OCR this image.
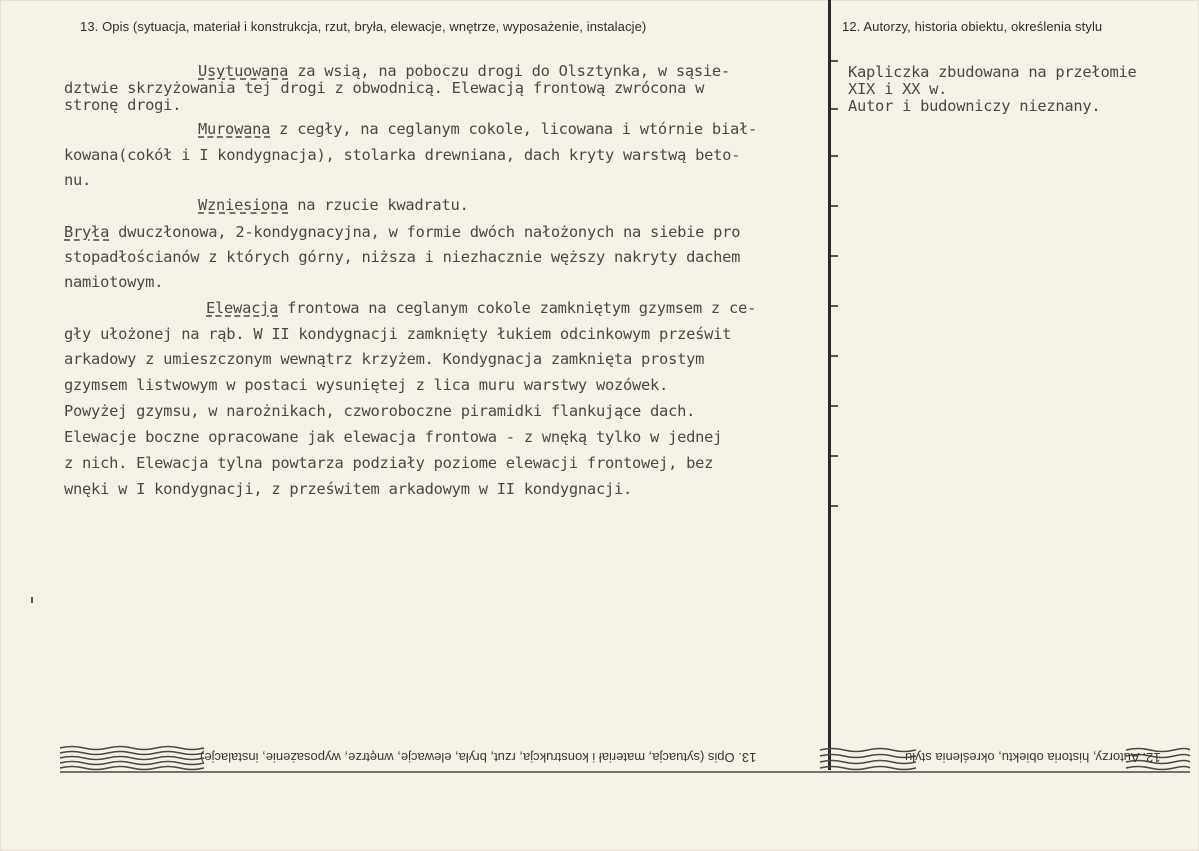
13. Opis (sytuacja, materiał i konstrukcja, rzut, bryła, elewacje, wnętrze, wyposażenie, instalacje)	12. Autorzy, historia obiektu, określenia stylu
Usytuowana za wsią, na poboczu drogi do Olsztynka, w sąsie-
dztwie skrzyżowania tej drogi z obwodnicą. Elewacją frontową zwrócona w
stronę drogi.
Murowana z cegły, na ceglanym cokole, licowana i wtórnie biał-
kowana(cokół i I kondygnacja), stolarka drewniana, dach kryty warstwą beto-
nu.
Wzniesiona na rzucie kwadratu.
Bryła dwuczłonowa, 2-kondygnacyjna, w formie dwóch nałożonych na siebie pro
stopadłościanów z których górny, niższa i niezhacznie węższy nakryty dachem
namiotowym.
Elewacja frontowa na ceglanym cokole zamkniętym gzymsem z ce-
gły ułożonej na rąb. W II kondygnacji zamknięty łukiem odcinkowym prześwit
arkadowy z umieszczonym wewnątrz krzyżem. Kondygnacja zamknięta prostym
gzymsem listwowym w postaci wysuniętej z lica muru warstwy wozówek.
Powyżej gzymsu, w narożnikach, czworoboczne piramidki flankujące dach.
Elewacje boczne opracowane jak elewacja frontowa - z wnęką tylko w jednej
z nich. Elewacja tylna powtarza podziały poziome elewacji frontowej, bez
wnęki w I kondygnacji, z prześwitem arkadowym w II kondygnacji.
Kapliczka zbudowana na przełomie
XIX i XX w.
Autor i budowniczy nieznany.
13. Opis (sytuacja, materiał i konstrukcja, rzut, bryła, elewacje, wnętrze, wyposażenie, instalacje)	12. Autorzy, historia obiektu, określenia stylu
